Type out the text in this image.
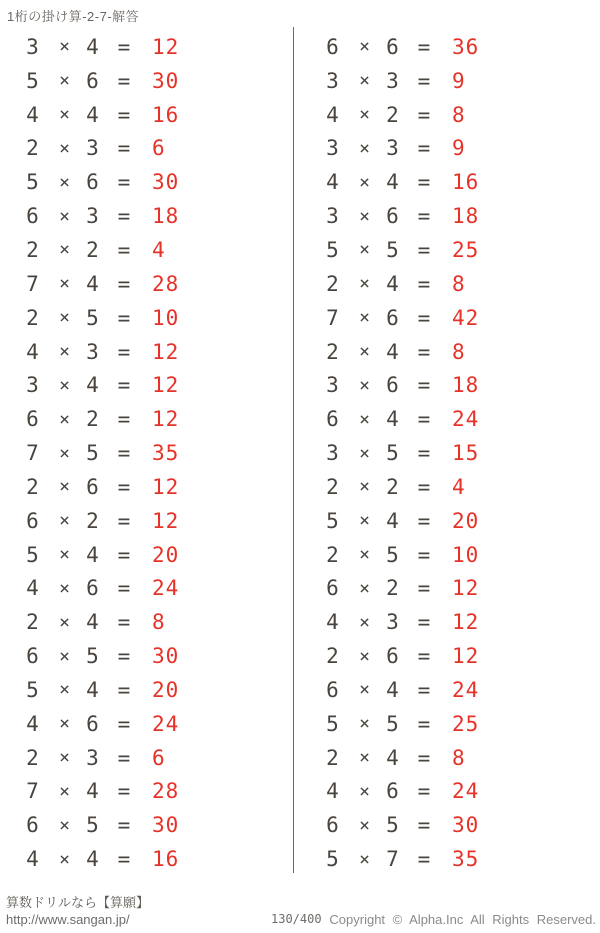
1桁の掛け算-2-7-解答
3 × 4 = 12
5 × 6 = 30
4 × 4 = 16
2 × 3 = 6
5 × 6 = 30
6 × 3 = 18
2 × 2 = 4
7 × 4 = 28
2 × 5 = 10
4 × 3 = 12
3 × 4 = 12
6 × 2 = 12
7 × 5 = 35
2 × 6 = 12
6 × 2 = 12
5 × 4 = 20
4 × 6 = 24
2 × 4 = 8
6 × 5 = 30
5 × 4 = 20
4 × 6 = 24
2 × 3 = 6
7 × 4 = 28
6 × 5 = 30
4 × 4 = 16
6 × 6 = 36
3 × 3 = 9
4 × 2 = 8
3 × 3 = 9
4 × 4 = 16
3 × 6 = 18
5 × 5 = 25
2 × 4 = 8
7 × 6 = 42
2 × 4 = 8
3 × 6 = 18
6 × 4 = 24
3 × 5 = 15
2 × 2 = 4
5 × 4 = 20
2 × 5 = 10
6 × 2 = 12
4 × 3 = 12
2 × 6 = 12
6 × 4 = 24
5 × 5 = 25
2 × 4 = 8
4 × 6 = 24
6 × 5 = 30
5 × 7 = 35
算数ドリルなら【算願】
http://www.sangan.jp/	130/400 Copyright © Alpha.Inc All Rights Reserved.
